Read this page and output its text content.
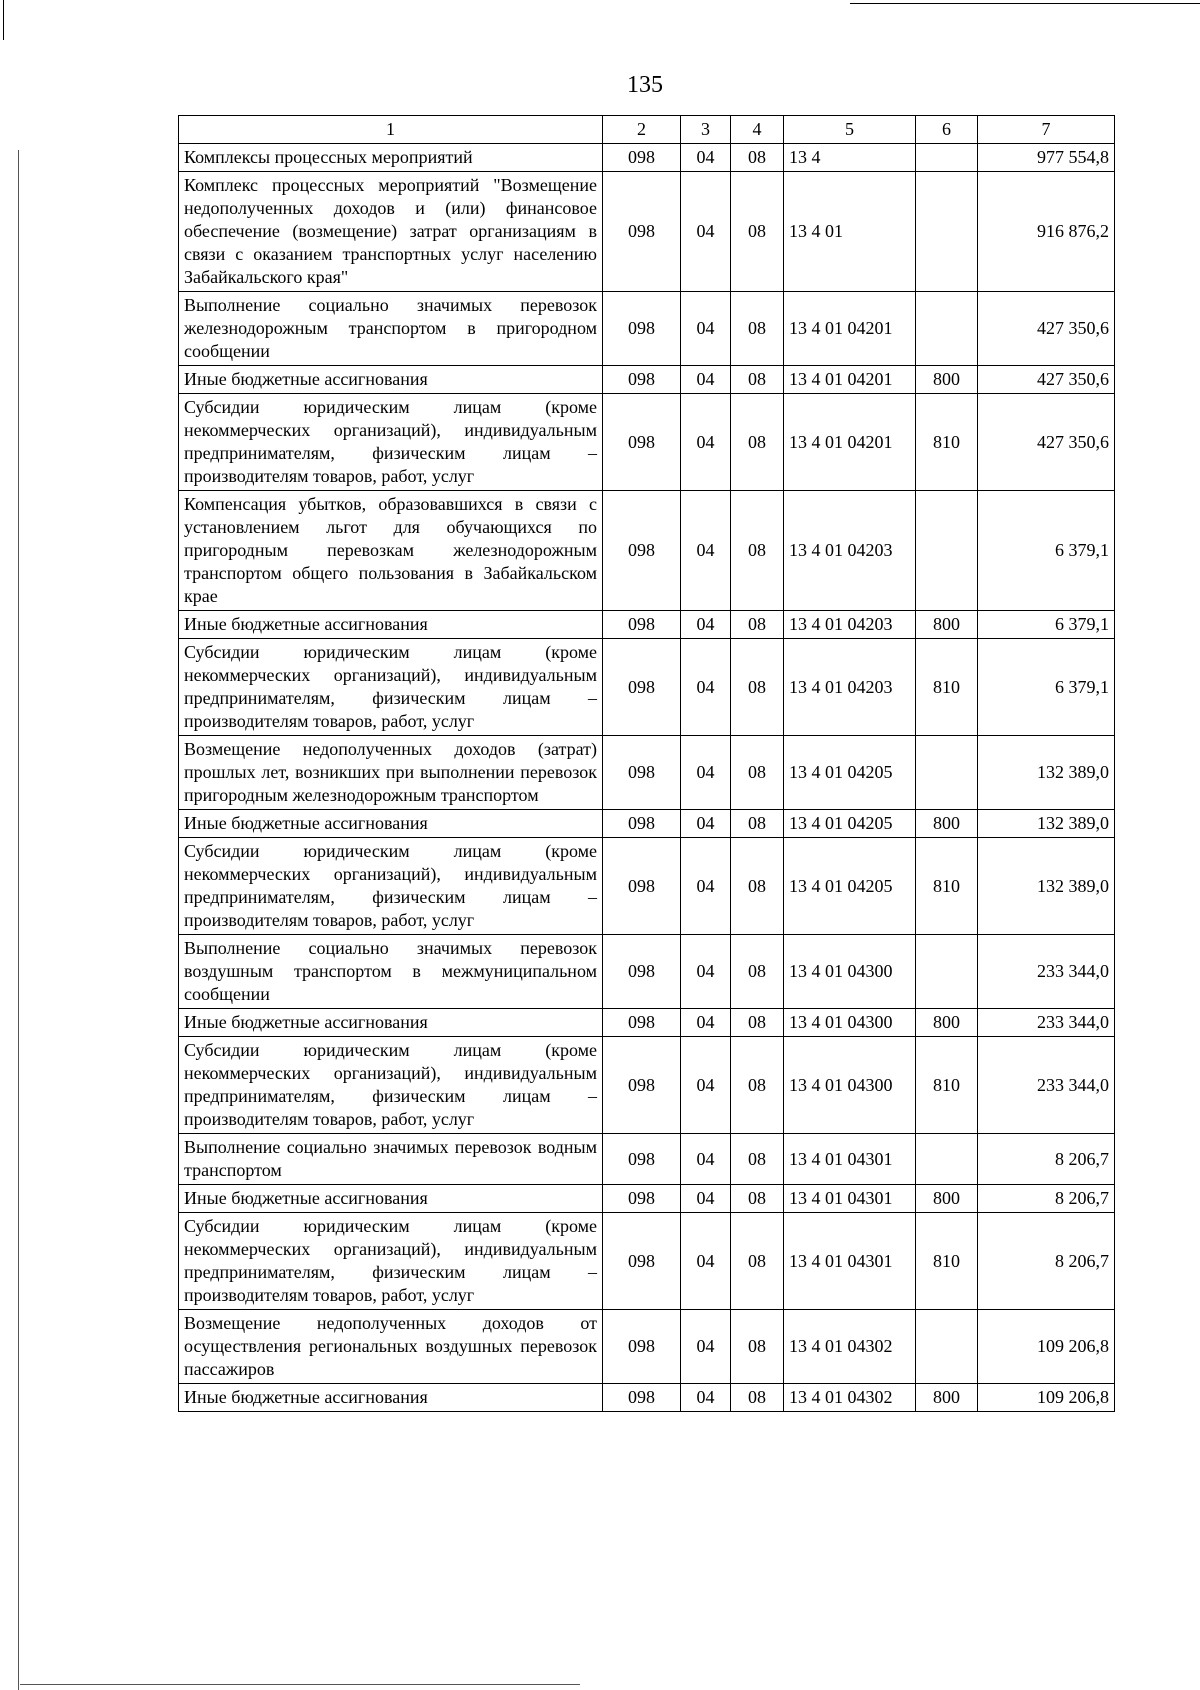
135
1	2	3	4	5	6	7
Комплексы процессных мероприятий	098	04	08	13 4		977 554,8
Комплекс процессных мероприятий "Возмещение недополученных доходов и (или) финансовое обеспечение (возмещение) затрат организациям в связи с оказанием транспортных услуг населению Забайкальского края"	098	04	08	13 4 01		916 876,2
Выполнение социально значимых перевозок железнодорожным транспортом в пригородном сообщении	098	04	08	13 4 01 04201		427 350,6
Иные бюджетные ассигнования	098	04	08	13 4 01 04201	800	427 350,6
Субсидии юридическим лицам (кроме некоммерческих организаций), индивидуальным предпринимателям, физическим лицам – производителям товаров, работ, услуг	098	04	08	13 4 01 04201	810	427 350,6
Компенсация убытков, образовавшихся в связи с установлением льгот для обучающихся по пригородным перевозкам железнодорожным транспортом общего пользования в Забайкальском крае	098	04	08	13 4 01 04203		6 379,1
Иные бюджетные ассигнования	098	04	08	13 4 01 04203	800	6 379,1
Субсидии юридическим лицам (кроме некоммерческих организаций), индивидуальным предпринимателям, физическим лицам – производителям товаров, работ, услуг	098	04	08	13 4 01 04203	810	6 379,1
Возмещение недополученных доходов (затрат) прошлых лет, возникших при выполнении перевозок пригородным железнодорожным транспортом	098	04	08	13 4 01 04205		132 389,0
Иные бюджетные ассигнования	098	04	08	13 4 01 04205	800	132 389,0
Субсидии юридическим лицам (кроме некоммерческих организаций), индивидуальным предпринимателям, физическим лицам – производителям товаров, работ, услуг	098	04	08	13 4 01 04205	810	132 389,0
Выполнение социально значимых перевозок воздушным транспортом в межмуниципальном сообщении	098	04	08	13 4 01 04300		233 344,0
Иные бюджетные ассигнования	098	04	08	13 4 01 04300	800	233 344,0
Субсидии юридическим лицам (кроме некоммерческих организаций), индивидуальным предпринимателям, физическим лицам – производителям товаров, работ, услуг	098	04	08	13 4 01 04300	810	233 344,0
Выполнение социально значимых перевозок водным транспортом	098	04	08	13 4 01 04301		8 206,7
Иные бюджетные ассигнования	098	04	08	13 4 01 04301	800	8 206,7
Субсидии юридическим лицам (кроме некоммерческих организаций), индивидуальным предпринимателям, физическим лицам – производителям товаров, работ, услуг	098	04	08	13 4 01 04301	810	8 206,7
Возмещение недополученных доходов от осуществления региональных воздушных перевозок пассажиров	098	04	08	13 4 01 04302		109 206,8
Иные бюджетные ассигнования	098	04	08	13 4 01 04302	800	109 206,8
